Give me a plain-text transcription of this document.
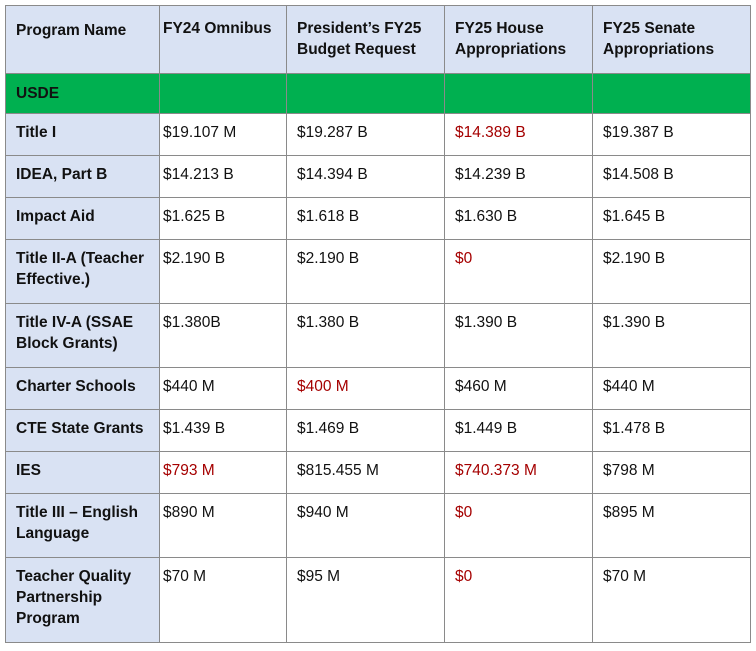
Program Name	FY24 Omnibus	President’s FY25 Budget Request	FY25 House Appropriations	FY25 Senate Appropriations
USDE				
Title I	$19.107 M	$19.287 B	$14.389 B	$19.387 B
IDEA, Part B	$14.213 B	$14.394 B	$14.239 B	$14.508 B
Impact Aid	$1.625 B	$1.618 B	$1.630 B	$1.645 B
Title II-A (Teacher Effective.)	$2.190 B	$2.190 B	$0	$2.190 B
Title IV-A (SSAE Block Grants)	$1.380B	$1.380 B	$1.390 B	$1.390 B
Charter Schools	$440 M	$400 M	$460 M	$440 M
CTE State Grants	$1.439 B	$1.469 B	$1.449 B	$1.478 B
IES	$793 M	$815.455 M	$740.373 M	$798 M
Title III – English Language	$890 M	$940 M	$0	$895 M
Teacher Quality Partnership Program	$70 M	$95 M	$0	$70 M
